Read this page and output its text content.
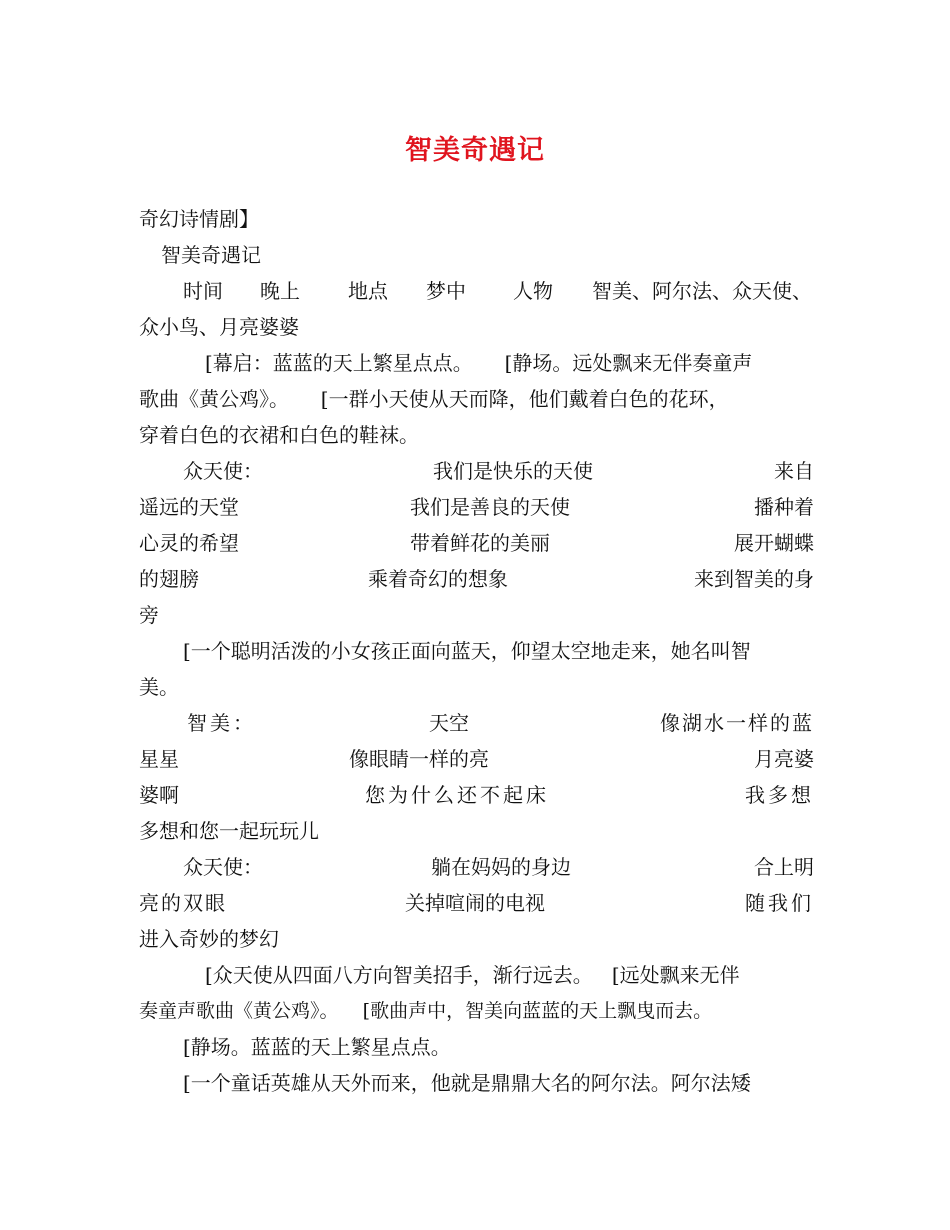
智美奇遇记
奇幻诗情剧】
智美奇遇记
时间 晚上 地点 梦中 人物 智美、阿尔法、众天使、
众小鸟、月亮婆婆
[幕启：蓝蓝的天上繁星点点。     [静场。远处飘来无伴奏童声
歌曲《黄公鸡》。     [一群小天使从天而降，他们戴着白色的花环，
穿着白色的衣裙和白色的鞋袜。
众天使：	我们是快乐的天使	来自
遥远的天堂	我们是善良的天使	播种着
心灵的希望	带着鲜花的美丽	展开蝴蝶
的翅膀	乘着奇幻的想象	来到智美的身
旁
[一个聪明活泼的小女孩正面向蓝天，仰望太空地走来，她名叫智
美。
智美：	天空	像湖水一样的蓝
星星	像眼睛一样的亮	月亮婆
婆啊	您为什么还不起床	我多想
多想和您一起玩玩儿
众天使：	躺在妈妈的身边	合上明
亮的双眼	关掉喧闹的电视	随我们
进入奇妙的梦幻
[众天使从四面八方向智美招手，渐行远去。   [远处飘来无伴
奏童声歌曲《黄公鸡》。    [歌曲声中，智美向蓝蓝的天上飘曳而去。
[静场。蓝蓝的天上繁星点点。
[一个童话英雄从天外而来，他就是鼎鼎大名的阿尔法。阿尔法矮
